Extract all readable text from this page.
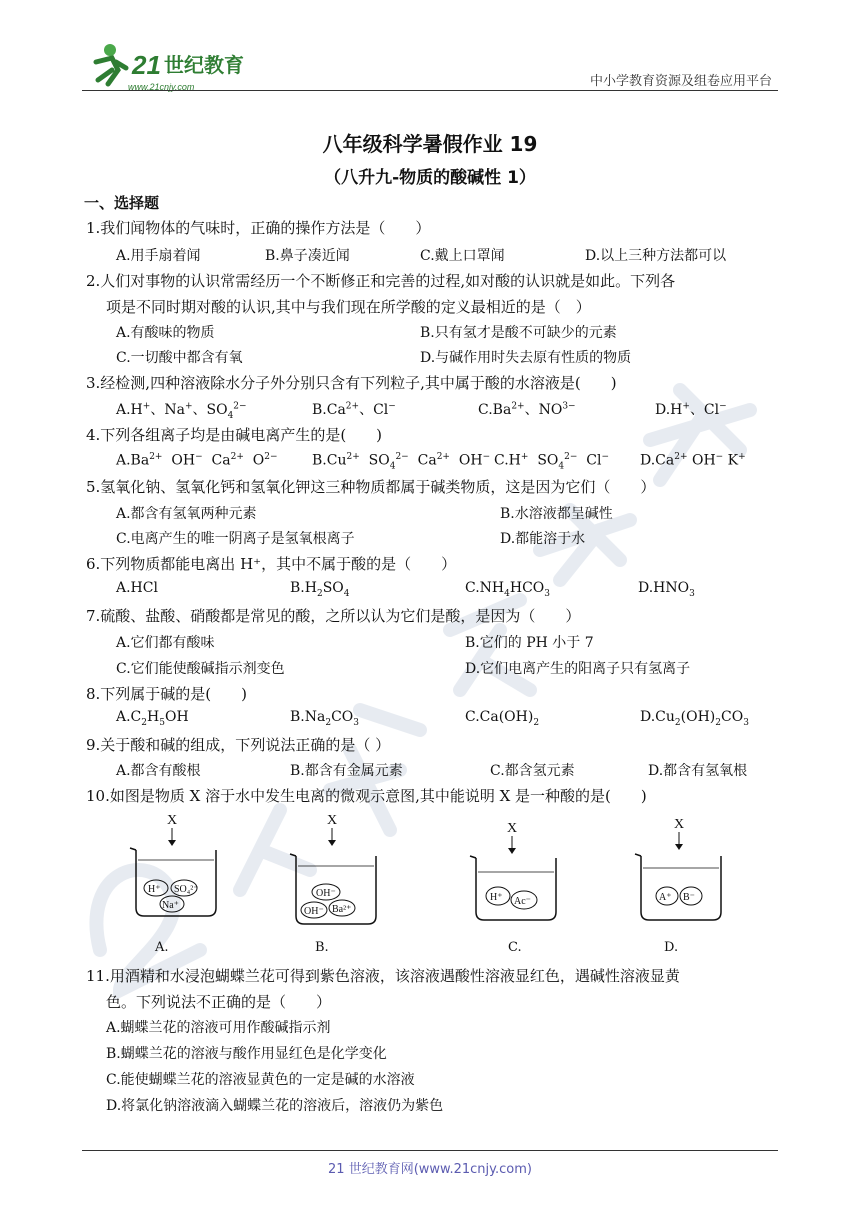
21 世纪教育
www.21cnjy.com	中小学教育资源及组卷应用平台
八年级科学暑假作业 19
（八升九-物质的酸碱性 1）
一、选择题
1.我们闻物体的气味时，正确的操作方法是（　　）
A.用手扇着闻	B.鼻子凑近闻	C.戴上口罩闻	D.以上三种方法都可以
2.人们对事物的认识常需经历一个不断修正和完善的过程,如对酸的认识就是如此。下列各
项是不同时期对酸的认识,其中与我们现在所学酸的定义最相近的是（　）
A.有酸味的物质	B.只有氢才是酸不可缺少的元素
C.一切酸中都含有氧	D.与碱作用时失去原有性质的物质
3.经检测,四种溶液除水分子外分别只含有下列粒子,其中属于酸的水溶液是(　　)
A.H+、Na+、$SO_4^{2-}$	$B.Ca^{2+}$、Cl−	$C.Ba^{2+}$、$NO^{3-}$	D.H+、Cl−
4.下列各组离子均是由碱电离产生的是(　　)
$A.Ba^{2+}$  OH−  $Ca^{2+}$  $O^{2-}$ $B.Cu^{2+}$  $SO_4^{2-}$  $Ca^{2+}$  OH− C.H+  $SO_4^{2-}$  Cl− $D.Ca^{2+}$ OH− K+
5.氢氧化钠、氢氧化钙和氢氧化钾这三种物质都属于碱类物质，这是因为它们（　　）
A.都含有氢氧两种元素	B.水溶液都呈碱性
C.电离产生的唯一阴离子是氢氧根离子	D.都能溶于水
6.下列物质都能电离出 H⁺，其中不属于酸的是（　　）
A.HCl	$B.H_2SO_4$	$C.NH_4HCO_3$	$D.HNO_3$
7.硫酸、盐酸、硝酸都是常见的酸，之所以认为它们是酸，是因为（　　）
A.它们都有酸味	B.它们的 PH 小于 7
C.它们能使酸碱指示剂变色	D.它们电离产生的阳离子只有氢离子
8.下列属于碱的是(　　)
$A.C_2H_5OH$	$B.Na_2CO_3$	$C.Ca(OH)_2$	$D.Cu_2(OH)_2CO_3$
9.关于酸和碱的组成，下列说法正确的是（ ）
A.都含有酸根	B.都含有金属元素	C.都含氢元素	D.都含有氢氧根
10.如图是物质 X 溶于水中发生电离的微观示意图,其中能说明 X 是一种酸的是(　　)
X
H⁺ SO₄²⁻
Na⁺
X
OH⁻
OH⁻ Ba²⁺
X
H⁺ Ac⁻
X
A⁺ B⁻
A.	B.	C.	D.
11.用酒精和水浸泡蝴蝶兰花可得到紫色溶液，该溶液遇酸性溶液显红色，遇碱性溶液显黄
色。下列说法不正确的是（　　）
A.蝴蝶兰花的溶液可用作酸碱指示剂
B.蝴蝶兰花的溶液与酸作用显红色是化学变化
C.能使蝴蝶兰花的溶液显黄色的一定是碱的水溶液
D.将氯化钠溶液滴入蝴蝶兰花的溶液后，溶液仍为紫色
21 世纪教育网(www.21cnjy.com)
